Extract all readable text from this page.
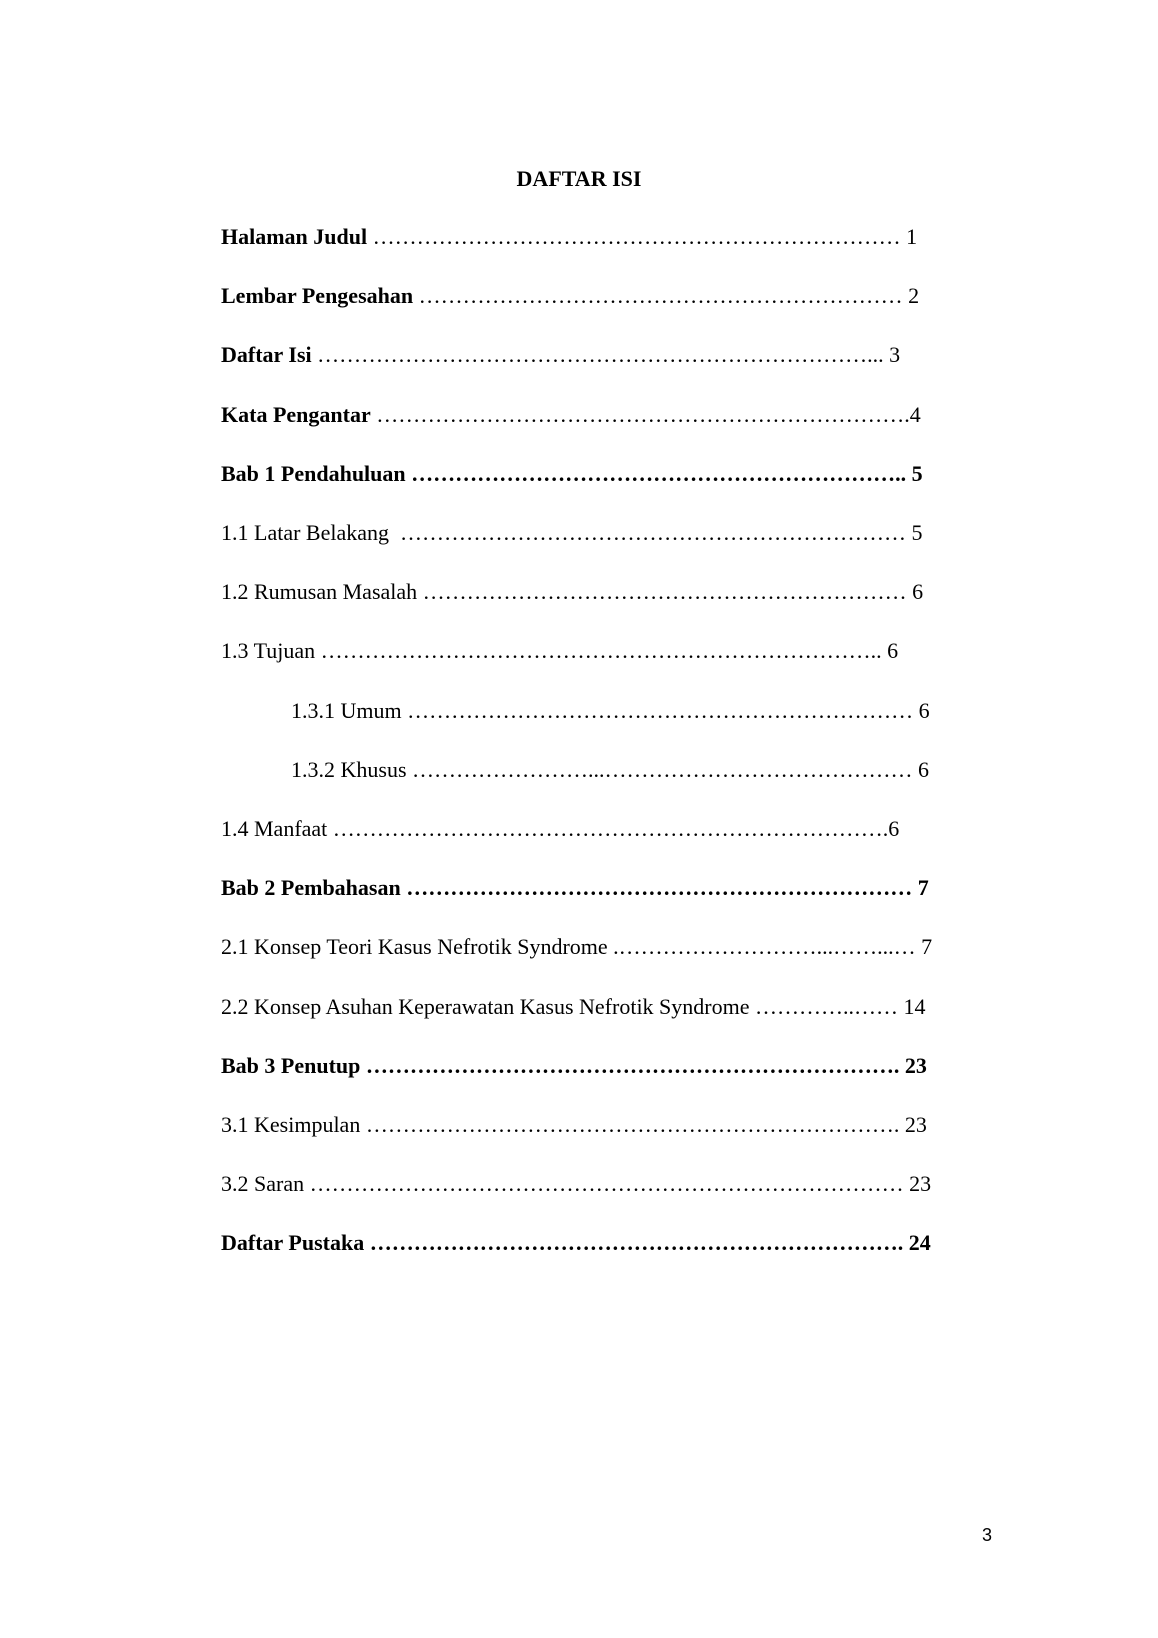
DAFTAR ISI
Halaman Judul ……………………………………………………………… 1
Lembar Pengesahan ………………………………………………………… 2
Daftar Isi …………………………………………………………………... 3
Kata Pengantar ……………………………………………………………….4
Bab 1 Pendahuluan ………………………………………………………….. 5
1.1 Latar Belakang  …………………………………………………………… 5
1.2 Rumusan Masalah ………………………………………………………… 6
1.3 Tujuan ………………………………………………………………….. 6
1.3.1 Umum …………………………………………………………… 6
1.3.2 Khusus ……………………...…………………………………… 6
1.4 Manfaat ………………………………………………………………….6
Bab 2 Pembahasan …………………………………………………………… 7
2.1 Konsep Teori Kasus Nefrotik Syndrome .………………………...……...… 7
2.2 Konsep Asuhan Keperawatan Kasus Nefrotik Syndrome …………..…… 14
Bab 3 Penutup ………………………………………………………………. 23
3.1 Kesimpulan ………………………………………………………………. 23
3.2 Saran ……………………………………………………………………… 23
Daftar Pustaka ………………………………………………………………. 24
3
